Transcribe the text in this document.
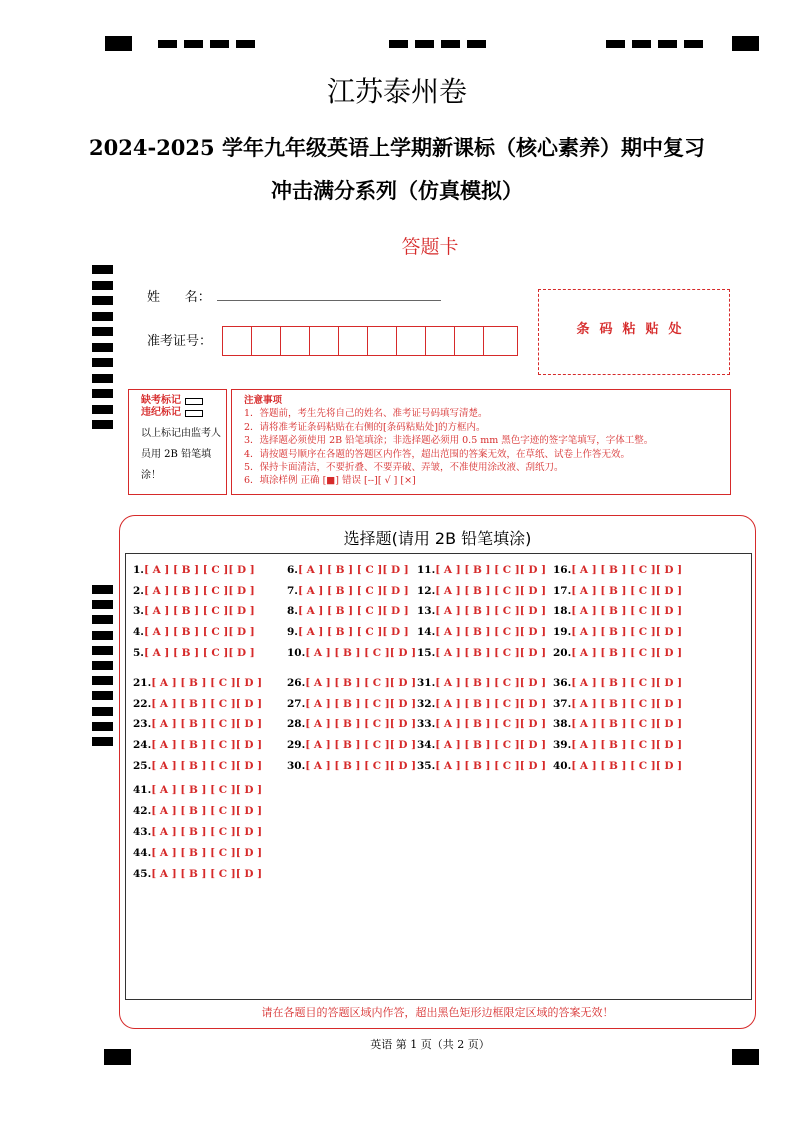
江苏泰州卷
2024-2025 学年九年级英语上学期新课标（核心素养）期中复习
冲击满分系列（仿真模拟）
答题卡
姓      名：
准考证号：
条码粘贴处
缺考标记
违纪标记
以上标记由监考人员用 2B 铅笔填涂！
注意事项
1．答题前，考生先将自己的姓名、准考证号码填写清楚。
2．请将准考证条码粘贴在右侧的[条码粘贴处]的方框内。
3．选择题必须使用 2B 铅笔填涂；非选择题必须用 0.5 mm 黑色字迹的签字笔填写，字体工整。
4．请按题号顺序在各题的答题区内作答，超出范围的答案无效，在草纸、试卷上作答无效。
5．保持卡面清洁，不要折叠、不要弄破、弄皱，不准使用涂改液、刮纸刀。
6．填涂样例 正确 [■] 错误 [--][ √ ] [×]
选择题(请用 2B 铅笔填涂)
1.[ A ] [ B ] [ C ][ D ]
2.[ A ] [ B ] [ C ][ D ]
3.[ A ] [ B ] [ C ][ D ]
4.[ A ] [ B ] [ C ][ D ]
5.[ A ] [ B ] [ C ][ D ]
6.[ A ] [ B ] [ C ][ D ]
7.[ A ] [ B ] [ C ][ D ]
8.[ A ] [ B ] [ C ][ D ]
9.[ A ] [ B ] [ C ][ D ]
10.[ A ] [ B ] [ C ][ D ]
11.[ A ] [ B ] [ C ][ D ]
12.[ A ] [ B ] [ C ][ D ]
13.[ A ] [ B ] [ C ][ D ]
14.[ A ] [ B ] [ C ][ D ]
15.[ A ] [ B ] [ C ][ D ]
16.[ A ] [ B ] [ C ][ D ]
17.[ A ] [ B ] [ C ][ D ]
18.[ A ] [ B ] [ C ][ D ]
19.[ A ] [ B ] [ C ][ D ]
20.[ A ] [ B ] [ C ][ D ]
21.[ A ] [ B ] [ C ][ D ]
22.[ A ] [ B ] [ C ][ D ]
23.[ A ] [ B ] [ C ][ D ]
24.[ A ] [ B ] [ C ][ D ]
25.[ A ] [ B ] [ C ][ D ]
26.[ A ] [ B ] [ C ][ D ]
27.[ A ] [ B ] [ C ][ D ]
28.[ A ] [ B ] [ C ][ D ]
29.[ A ] [ B ] [ C ][ D ]
30.[ A ] [ B ] [ C ][ D ]
31.[ A ] [ B ] [ C ][ D ]
32.[ A ] [ B ] [ C ][ D ]
33.[ A ] [ B ] [ C ][ D ]
34.[ A ] [ B ] [ C ][ D ]
35.[ A ] [ B ] [ C ][ D ]
36.[ A ] [ B ] [ C ][ D ]
37.[ A ] [ B ] [ C ][ D ]
38.[ A ] [ B ] [ C ][ D ]
39.[ A ] [ B ] [ C ][ D ]
40.[ A ] [ B ] [ C ][ D ]
41.[ A ] [ B ] [ C ][ D ]
42.[ A ] [ B ] [ C ][ D ]
43.[ A ] [ B ] [ C ][ D ]
44.[ A ] [ B ] [ C ][ D ]
45.[ A ] [ B ] [ C ][ D ]
请在各题目的答题区域内作答，超出黑色矩形边框限定区域的答案无效！
英语 第 1 页（共 2 页）
